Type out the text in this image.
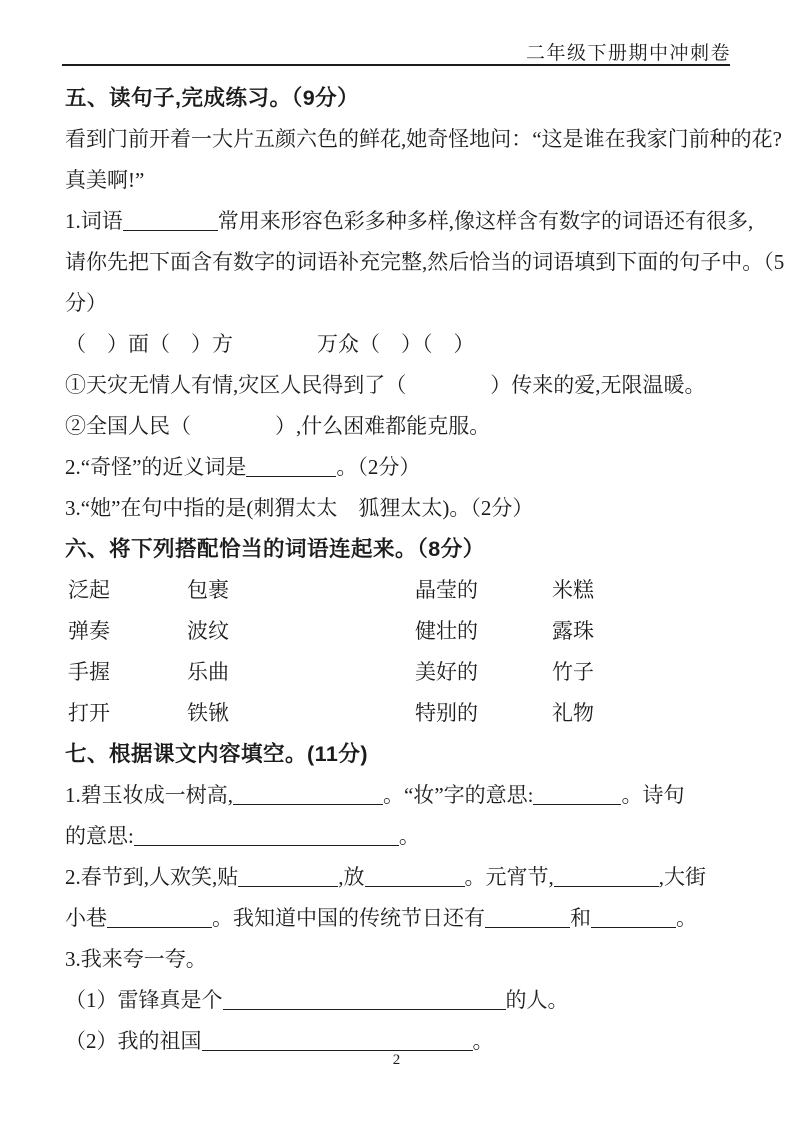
二年级下册期中冲刺卷
五、读句子,完成练习。（9分）
看到门前开着一大片五颜六色的鲜花,她奇怪地问：“这是谁在我家门前种的花?
真美啊!”
1.词语	常用来形容色彩多种多样,像这样含有数字的词语还有很多,
请你先把下面含有数字的词语补充完整,然后恰当的词语填到下面的句子中。（5
分）
（　）面（　）方　　　　万众（　）（　）
①天灾无情人有情,灾区人民得到了（　　　　）传来的爱,无限温暖。
②全国人民（　　　　）,什么困难都能克服。
2.“奇怪”的近义词是	。（2分）
3.“她”在句中指的是(刺猬太太　狐狸太太)。（2分）
六、将下列搭配恰当的词语连起来。（8分）
泛起	包裹	晶莹的	米糕
弹奏	波纹	健壮的	露珠
手握	乐曲	美好的	竹子
打开	铁锹	特别的	礼物
七、根据课文内容填空。(11分)
1.碧玉妆成一树高,	。“妆”字的意思:	。诗句
的意思:	。
2.春节到,人欢笑,贴	,放	。元宵节,	,大街
小巷	。我知道中国的传统节日还有	和	。
3.我来夸一夸。
（1）雷锋真是个	的人。
（2）我的祖国	。
2
